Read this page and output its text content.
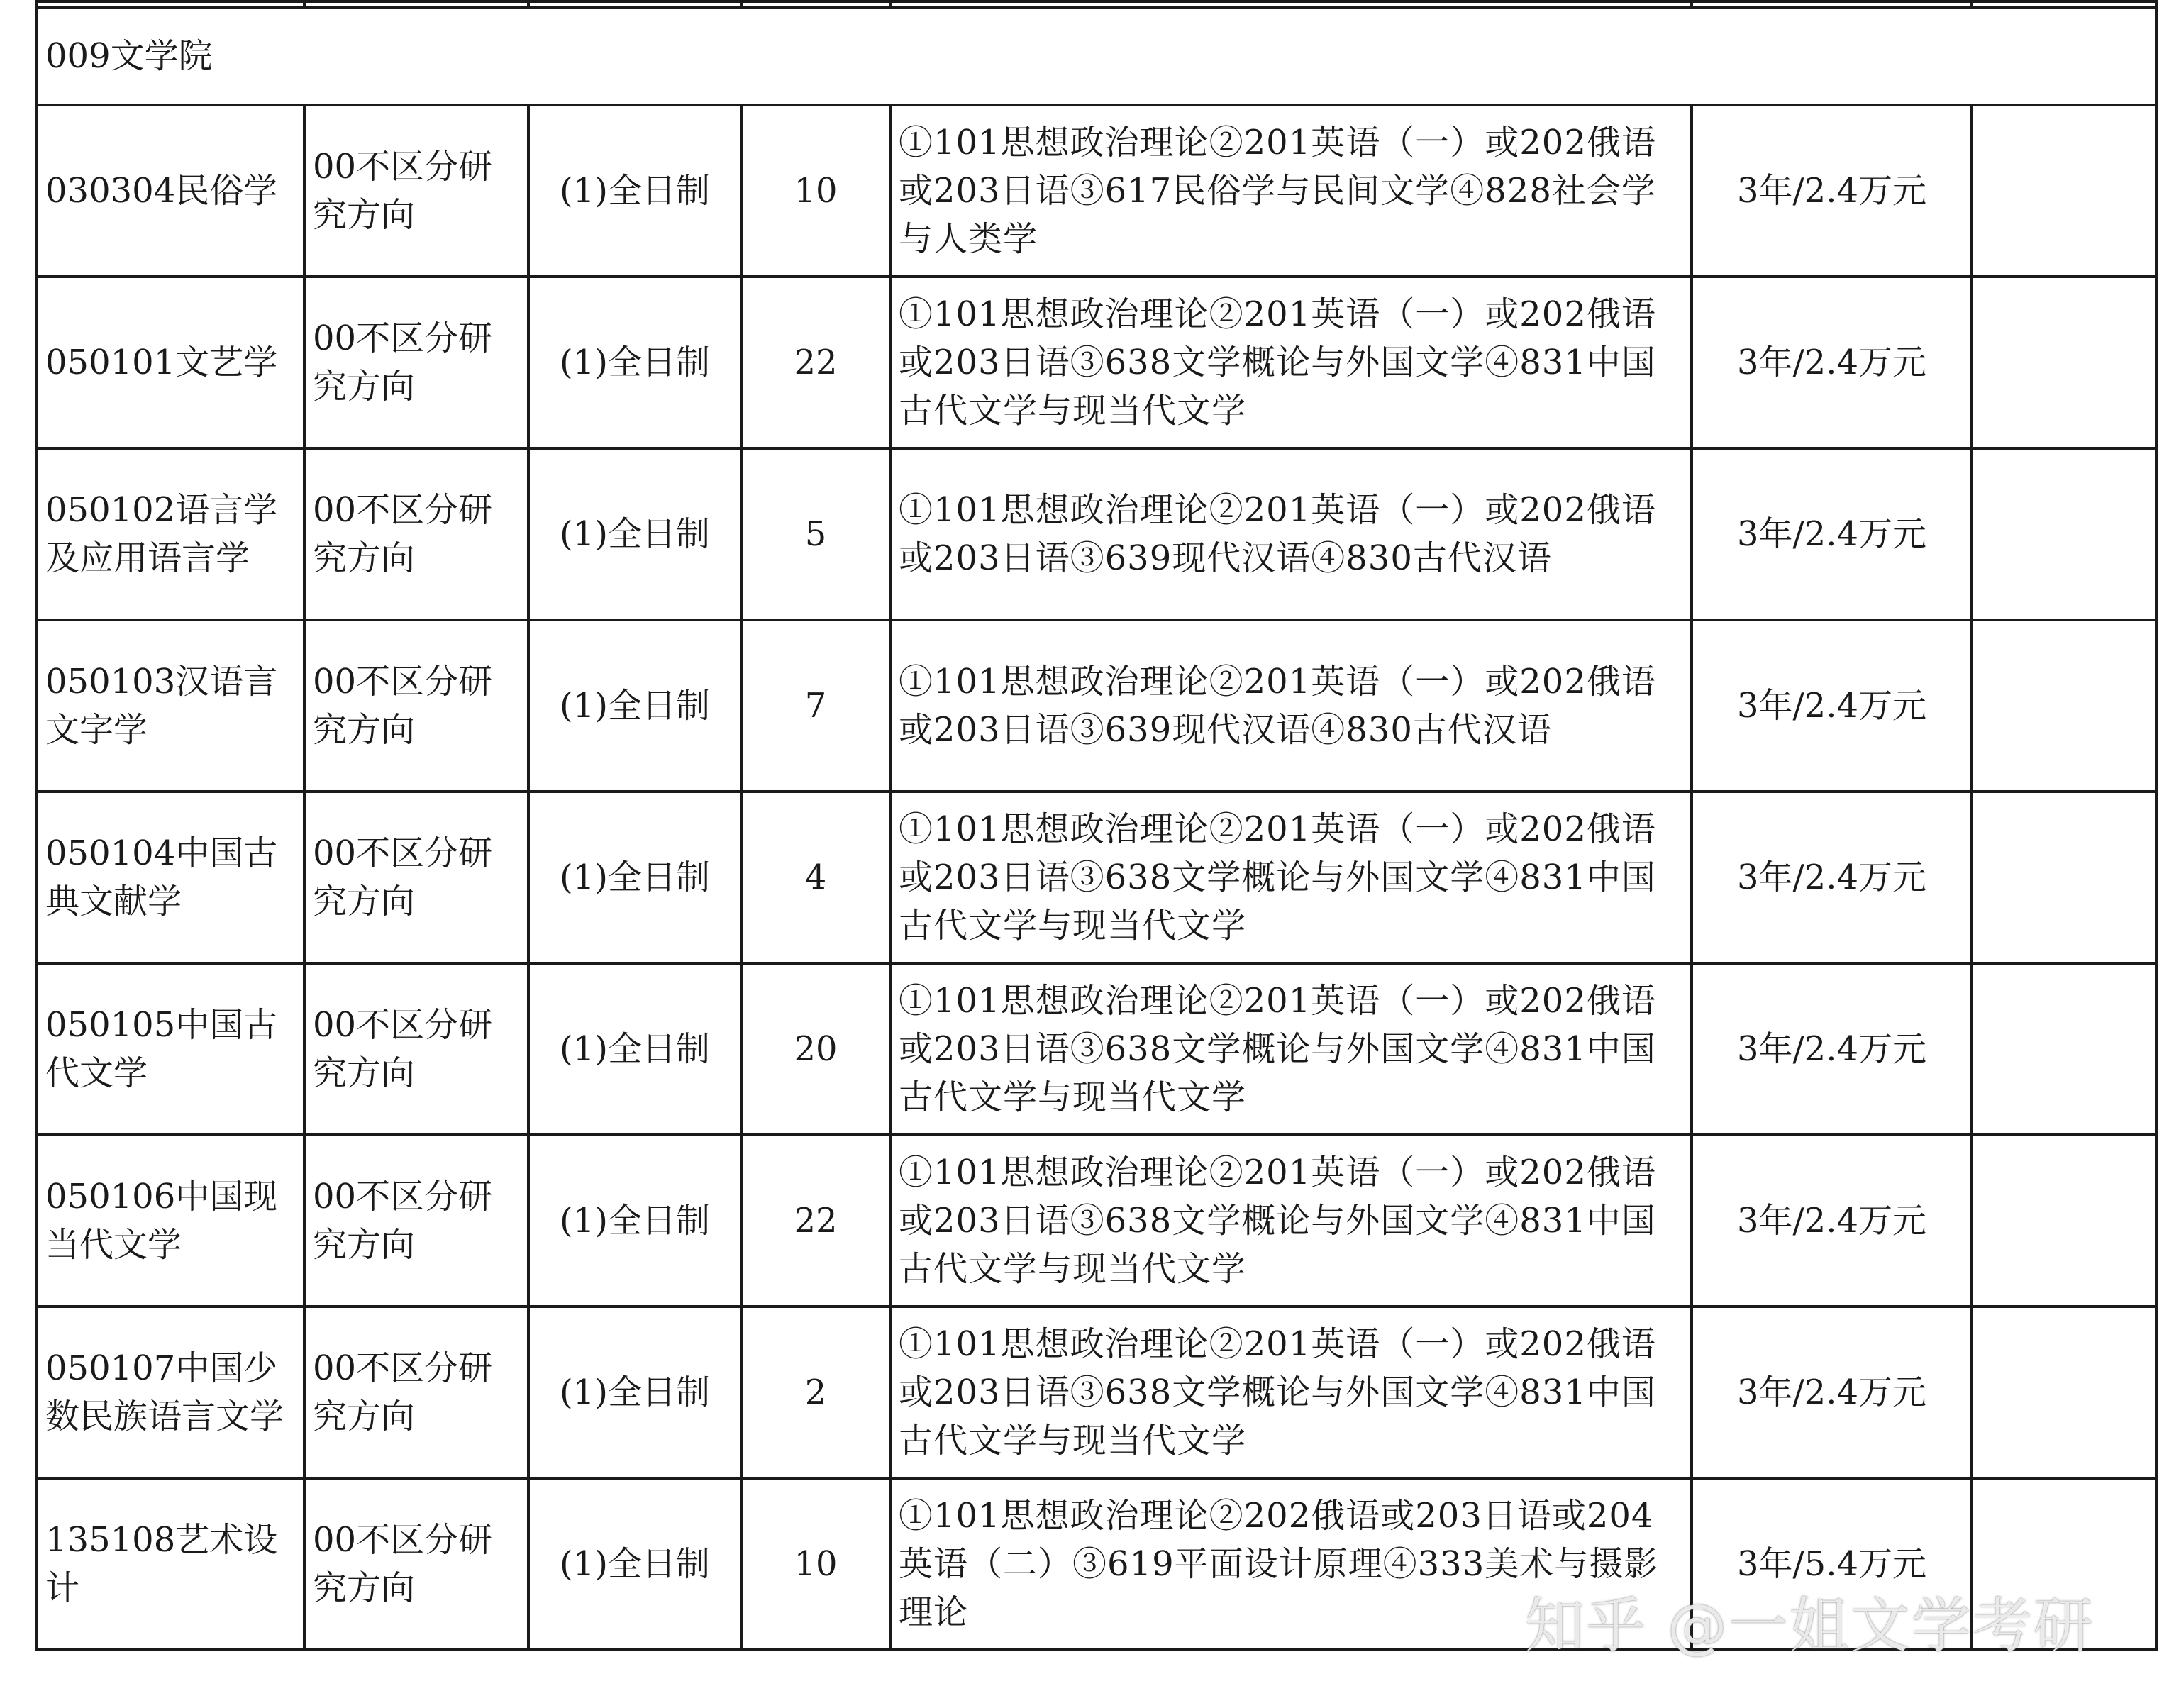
009文学院						
030304民俗学	00不区分研究方向	(1)全日制	10	①101思想政治理论②201英语（一）或202俄语或203日语③617民俗学与民间文学④828社会学与人类学	3年/2.4万元	
050101文艺学	00不区分研究方向	(1)全日制	22	①101思想政治理论②201英语（一）或202俄语或203日语③638文学概论与外国文学④831中国古代文学与现当代文学	3年/2.4万元	
050102语言学及应用语言学	00不区分研究方向	(1)全日制	5	①101思想政治理论②201英语（一）或202俄语或203日语③639现代汉语④830古代汉语	3年/2.4万元	
050103汉语言文字学	00不区分研究方向	(1)全日制	7	①101思想政治理论②201英语（一）或202俄语或203日语③639现代汉语④830古代汉语	3年/2.4万元	
050104中国古典文献学	00不区分研究方向	(1)全日制	4	①101思想政治理论②201英语（一）或202俄语或203日语③638文学概论与外国文学④831中国古代文学与现当代文学	3年/2.4万元	
050105中国古代文学	00不区分研究方向	(1)全日制	20	①101思想政治理论②201英语（一）或202俄语或203日语③638文学概论与外国文学④831中国古代文学与现当代文学	3年/2.4万元	
050106中国现当代文学	00不区分研究方向	(1)全日制	22	①101思想政治理论②201英语（一）或202俄语或203日语③638文学概论与外国文学④831中国古代文学与现当代文学	3年/2.4万元	
050107中国少数民族语言文学	00不区分研究方向	(1)全日制	2	①101思想政治理论②201英语（一）或202俄语或203日语③638文学概论与外国文学④831中国古代文学与现当代文学	3年/2.4万元	
135108艺术设计	00不区分研究方向	(1)全日制	10	①101思想政治理论②202俄语或203日语或204英语（二）③619平面设计原理④333美术与摄影理论	3年/5.4万元	
知乎 @一姐文学考研
